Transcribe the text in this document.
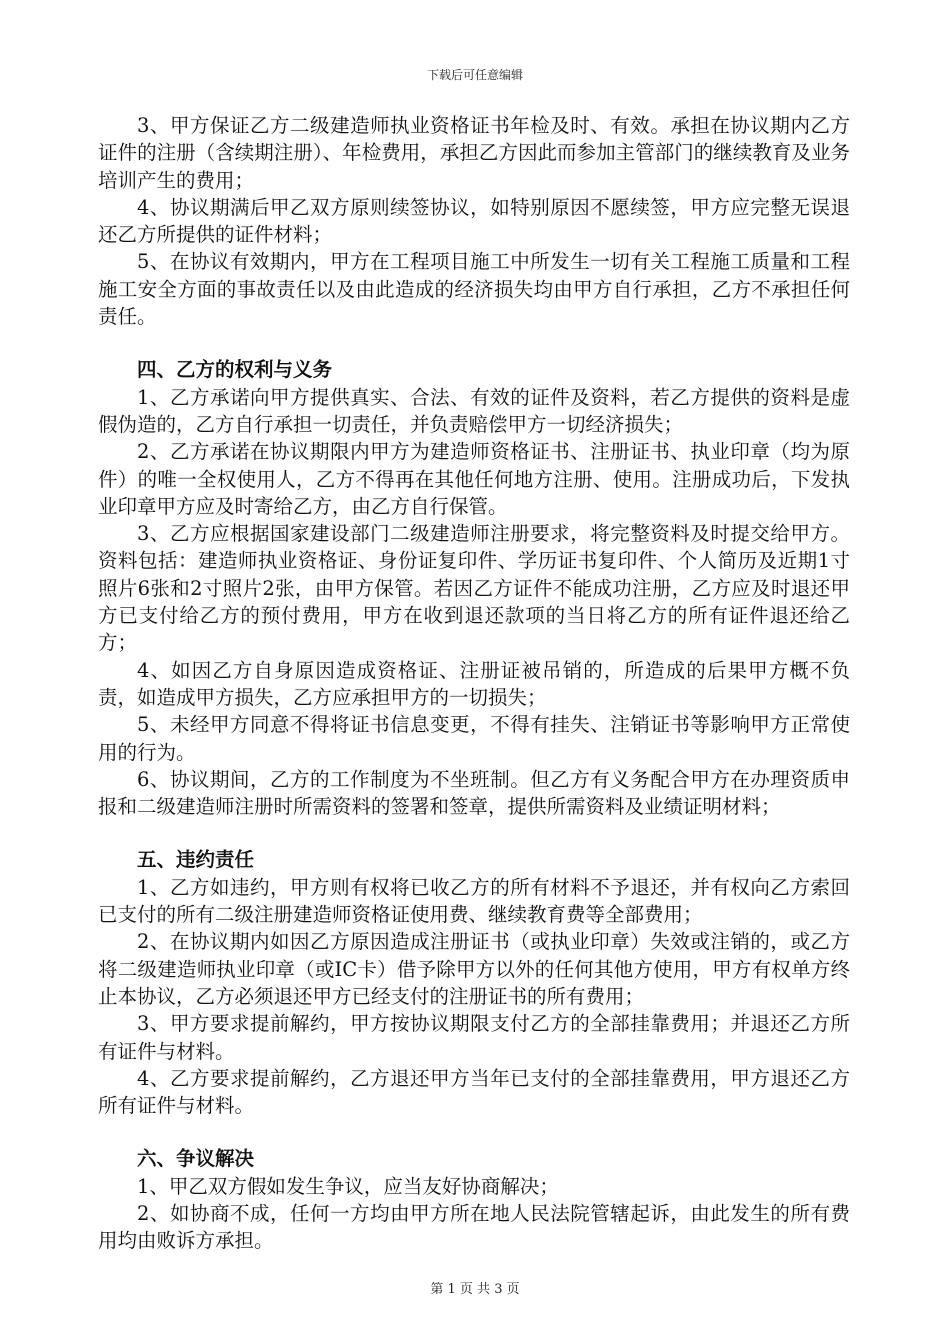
下载后可任意编辑

3、甲方保证乙方二级建造师执业资格证书年检及时、有效。承担在协议期内乙方证件的注册（含续期注册）、年检费用，承担乙方因此而参加主管部门的继续教育及业务培训产生的费用；

4、协议期满后甲乙双方原则续签协议，如特别原因不愿续签，甲方应完整无误退还乙方所提供的证件材料；

5、在协议有效期内，甲方在工程项目施工中所发生一切有关工程施工质量和工程施工安全方面的事故责任以及由此造成的经济损失均由甲方自行承担，乙方不承担任何责任。

四、乙方的权利与义务

1、乙方承诺向甲方提供真实、合法、有效的证件及资料，若乙方提供的资料是虚假伪造的，乙方自行承担一切责任，并负责赔偿甲方一切经济损失；

2、乙方承诺在协议期限内甲方为建造师资格证书、注册证书、执业印章（均为原件）的唯一全权使用人，乙方不得再在其他任何地方注册、使用。注册成功后，下发执业印章甲方应及时寄给乙方，由乙方自行保管。

3、乙方应根据国家建设部门二级建造师注册要求，将完整资料及时提交给甲方。资料包括：建造师执业资格证、身份证复印件、学历证书复印件、个人简历及近期1寸照片6张和2寸照片2张，由甲方保管。若因乙方证件不能成功注册，乙方应及时退还甲方已支付给乙方的预付费用，甲方在收到退还款项的当日将乙方的所有证件退还给乙方；

4、如因乙方自身原因造成资格证、注册证被吊销的，所造成的后果甲方概不负责，如造成甲方损失，乙方应承担甲方的一切损失；

5、未经甲方同意不得将证书信息变更，不得有挂失、注销证书等影响甲方正常使用的行为。

6、协议期间，乙方的工作制度为不坐班制。但乙方有义务配合甲方在办理资质申报和二级建造师注册时所需资料的签署和签章，提供所需资料及业绩证明材料；

五、违约责任

1、乙方如违约，甲方则有权将已收乙方的所有材料不予退还，并有权向乙方索回已支付的所有二级注册建造师资格证使用费、继续教育费等全部费用；

2、在协议期内如因乙方原因造成注册证书（或执业印章）失效或注销的，或乙方将二级建造师执业印章（或IC卡）借予除甲方以外的任何其他方使用，甲方有权单方终止本协议，乙方必须退还甲方已经支付的注册证书的所有费用；

3、甲方要求提前解约，甲方按协议期限支付乙方的全部挂靠费用；并退还乙方所有证件与材料。

4、乙方要求提前解约，乙方退还甲方当年已支付的全部挂靠费用，甲方退还乙方所有证件与材料。

六、争议解决

1、甲乙双方假如发生争议，应当友好协商解决；

2、如协商不成，任何一方均由甲方所在地人民法院管辖起诉，由此发生的所有费用均由败诉方承担。

第 1 页 共 3 页
